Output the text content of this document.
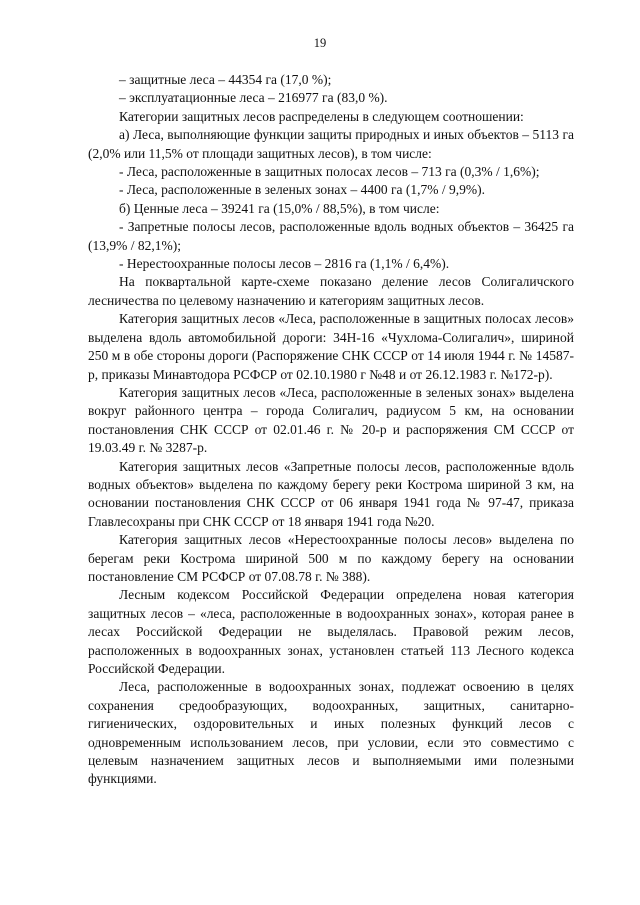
19

– защитные леса – 44354 га (17,0 %);

– эксплуатационные леса – 216977 га (83,0 %).

Категории защитных лесов распределены в следующем соотношении:

а) Леса, выполняющие функции защиты природных и иных объектов – 5113 га (2,0% или 11,5% от площади защитных лесов), в том числе:

- Леса, расположенные в защитных полосах лесов – 713 га (0,3% / 1,6%);

- Леса, расположенные в зеленых зонах – 4400 га (1,7% / 9,9%).

б) Ценные леса – 39241 га (15,0% / 88,5%), в том числе:

- Запретные полосы лесов, расположенные вдоль водных объектов – 36425 га (13,9% / 82,1%);

- Нерестоохранные полосы лесов – 2816 га (1,1% / 6,4%).

На поквартальной карте-схеме показано деление лесов Солигаличского лесничества по целевому назначению и категориям защитных лесов.

Категория защитных лесов «Леса, расположенные в защитных полосах лесов» выделена вдоль автомобильной дороги: 34Н-16 «Чухлома-Солигалич», шириной 250 м в обе стороны дороги (Распоряжение СНК СССР от 14 июля 1944 г. № 14587-р, приказы Минавтодора РСФСР от 02.10.1980 г №48 и от 26.12.1983 г. №172-р).

Категория защитных лесов «Леса, расположенные в зеленых зонах» выделена вокруг районного центра – города Солигалич, радиусом 5 км, на основании постановления СНК СССР от 02.01.46 г. № 20-р и распоряжения СМ СССР от 19.03.49 г. № 3287-р.

Категория защитных лесов «Запретные полосы лесов, расположенные вдоль водных объектов» выделена по каждому берегу реки Кострома шириной 3 км, на основании постановления СНК СССР от 06 января 1941 года № 97-47, приказа Главлесохраны при СНК СССР от 18 января 1941 года №20.

Категория защитных лесов «Нерестоохранные полосы лесов» выделена по берегам реки Кострома шириной 500 м по каждому берегу на основании постановление СМ РСФСР от 07.08.78 г. № 388).

Лесным кодексом Российской Федерации определена новая категория защитных лесов – «леса, расположенные в водоохранных зонах», которая ранее в лесах Российской Федерации не выделялась. Правовой режим лесов, расположенных в водоохранных зонах, установлен статьей 113 Лесного кодекса Российской Федерации.

Леса, расположенные в водоохранных зонах, подлежат освоению в целях сохранения средообразующих, водоохранных, защитных, санитарно-гигиенических, оздоровительных и иных полезных функций лесов с одновременным использованием лесов, при условии, если это совместимо с целевым назначением защитных лесов и выполняемыми ими полезными функциями.
